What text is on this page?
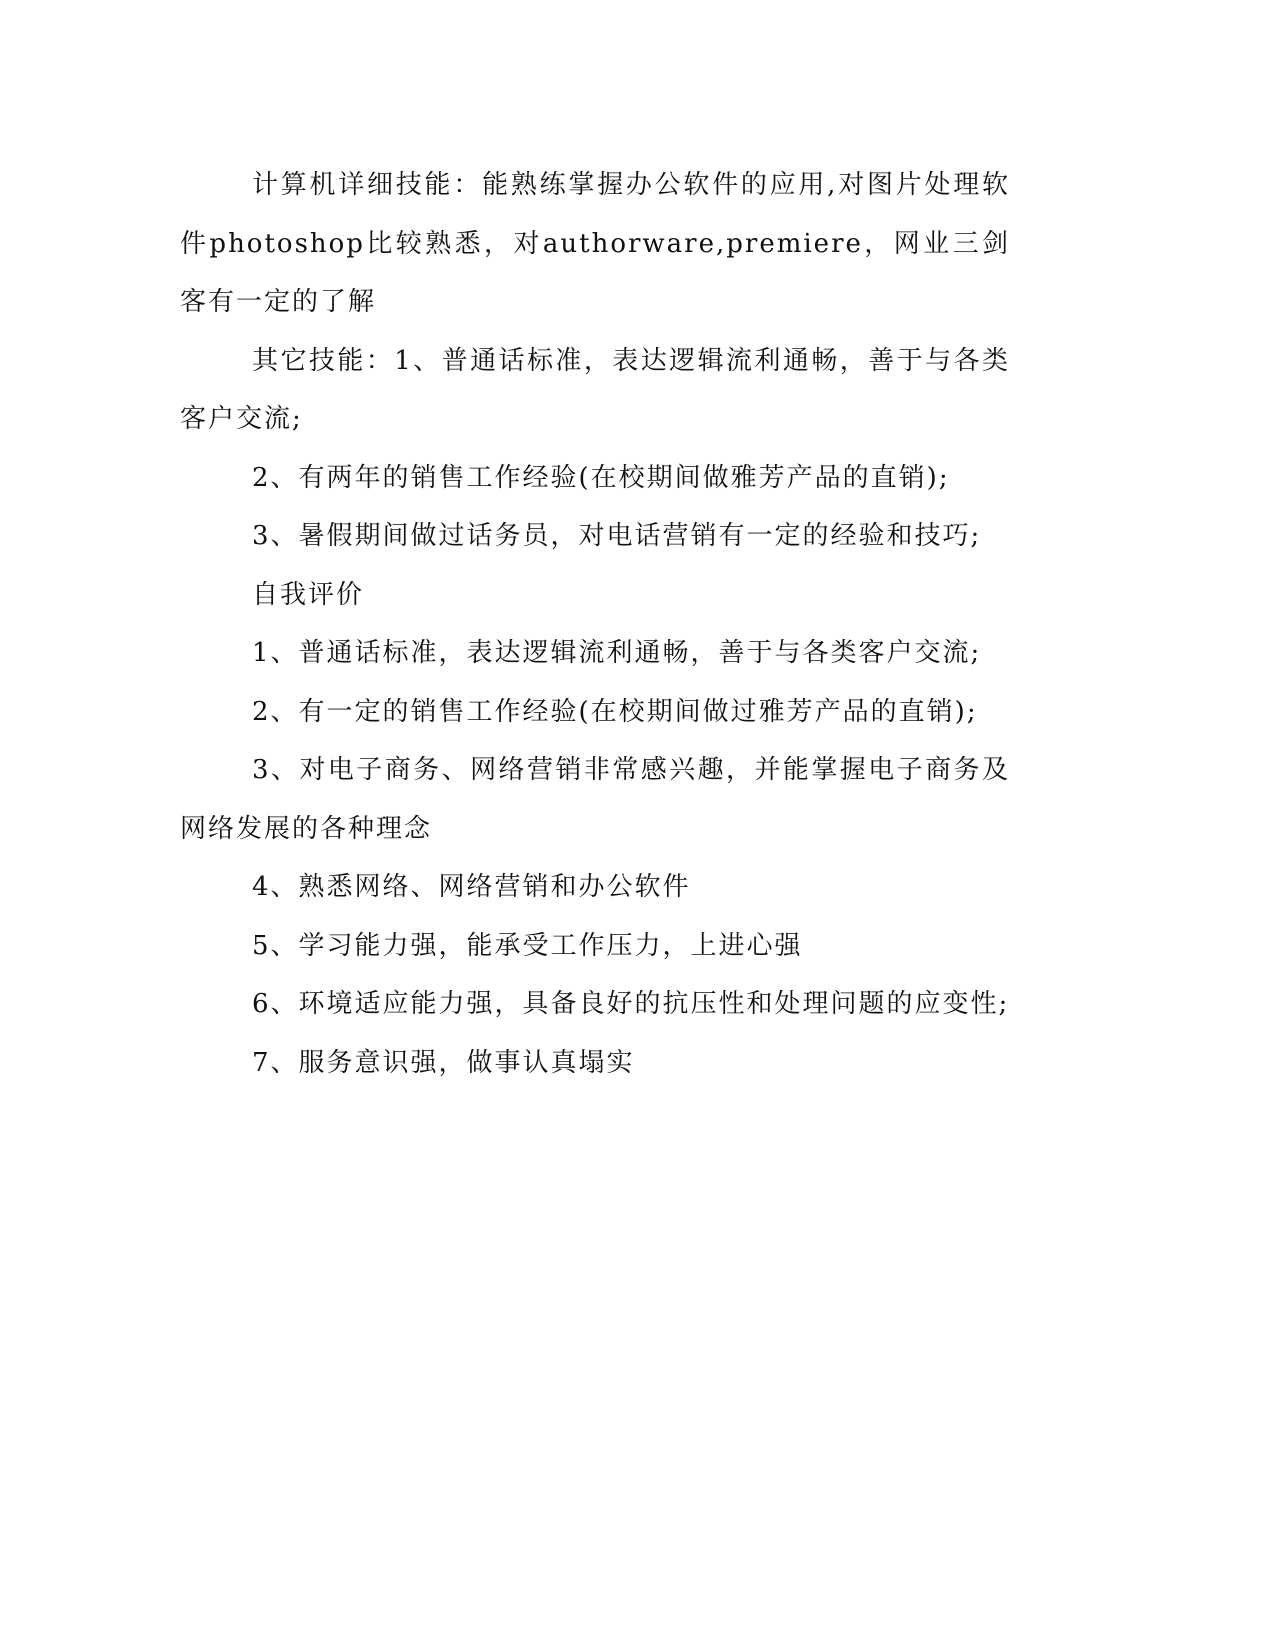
计算机详细技能：能熟练掌握办公软件的应用,对图片处理软件photoshop比较熟悉，对authorware,premiere，网业三剑客有一定的了解

其它技能：1、普通话标准，表达逻辑流利通畅，善于与各类客户交流;

2、有两年的销售工作经验(在校期间做雅芳产品的直销);

3、暑假期间做过话务员，对电话营销有一定的经验和技巧;

自我评价

1、普通话标准，表达逻辑流利通畅，善于与各类客户交流;

2、有一定的销售工作经验(在校期间做过雅芳产品的直销);

3、对电子商务、网络营销非常感兴趣，并能掌握电子商务及网络发展的各种理念

4、熟悉网络、网络营销和办公软件

5、学习能力强，能承受工作压力，上进心强

6、环境适应能力强，具备良好的抗压性和处理问题的应变性;

7、服务意识强，做事认真塌实
